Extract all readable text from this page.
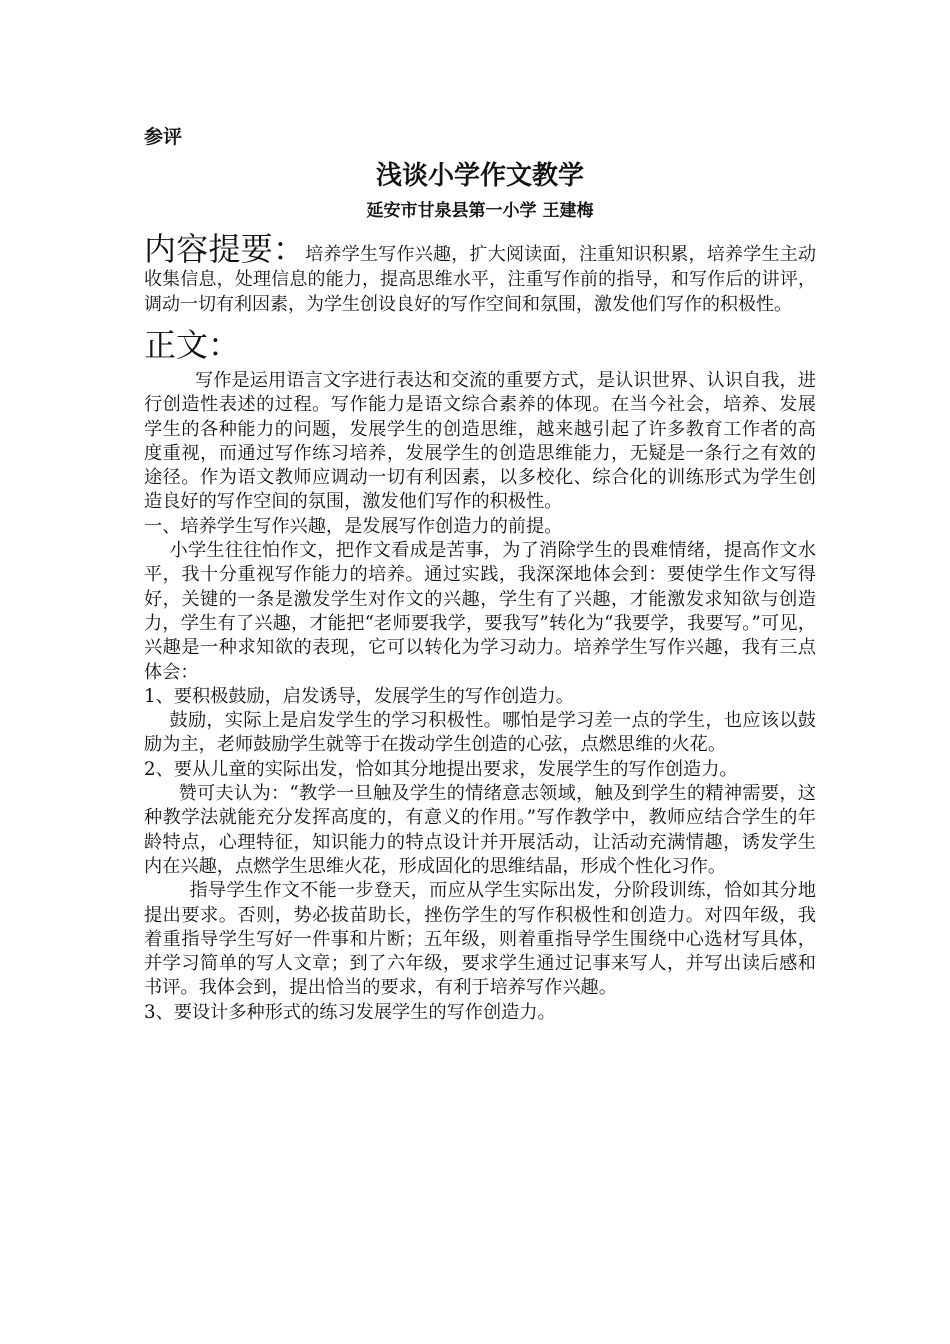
参评

浅谈小学作文教学

延安市甘泉县第一小学 王建梅

内容提要：培养学生写作兴趣，扩大阅读面，注重知识积累，培养学生主动收集信息，处理信息的能力，提高思维水平，注重写作前的指导，和写作后的讲评，调动一切有利因素，为学生创设良好的写作空间和氛围，激发他们写作的积极性。

正文：

写作是运用语言文字进行表达和交流的重要方式，是认识世界、认识自我，进行创造性表述的过程。写作能力是语文综合素养的体现。在当今社会，培养、发展学生的各种能力的问题，发展学生的创造思维，越来越引起了许多教育工作者的高度重视，而通过写作练习培养，发展学生的创造思维能力，无疑是一条行之有效的途径。作为语文教师应调动一切有利因素，以多校化、综合化的训练形式为学生创造良好的写作空间的氛围，激发他们写作的积极性。

一、培养学生写作兴趣，是发展写作创造力的前提。

小学生往往怕作文，把作文看成是苦事，为了消除学生的畏难情绪，提高作文水平，我十分重视写作能力的培养。通过实践，我深深地体会到：要使学生作文写得好，关键的一条是激发学生对作文的兴趣，学生有了兴趣，才能激发求知欲与创造力，学生有了兴趣，才能把“老师要我学，要我写”转化为“我要学，我要写。”可见，兴趣是一种求知欲的表现，它可以转化为学习动力。培养学生写作兴趣，我有三点体会：

1、要积极鼓励，启发诱导，发展学生的写作创造力。

鼓励，实际上是启发学生的学习积极性。哪怕是学习差一点的学生，也应该以鼓励为主，老师鼓励学生就等于在拨动学生创造的心弦，点燃思维的火花。

2、要从儿童的实际出发，恰如其分地提出要求，发展学生的写作创造力。

赞可夫认为：“教学一旦触及学生的情绪意志领域，触及到学生的精神需要，这种教学法就能充分发挥高度的，有意义的作用。”写作教学中，教师应结合学生的年龄特点，心理特征，知识能力的特点设计并开展活动，让活动充满情趣，诱发学生内在兴趣，点燃学生思维火花，形成固化的思维结晶，形成个性化习作。

指导学生作文不能一步登天，而应从学生实际出发，分阶段训练，恰如其分地提出要求。否则，势必拔苗助长，挫伤学生的写作积极性和创造力。对四年级，我着重指导学生写好一件事和片断；五年级，则着重指导学生围绕中心选材写具体，并学习简单的写人文章；到了六年级，要求学生通过记事来写人，并写出读后感和书评。我体会到，提出恰当的要求，有利于培养写作兴趣。

3、要设计多种形式的练习发展学生的写作创造力。
